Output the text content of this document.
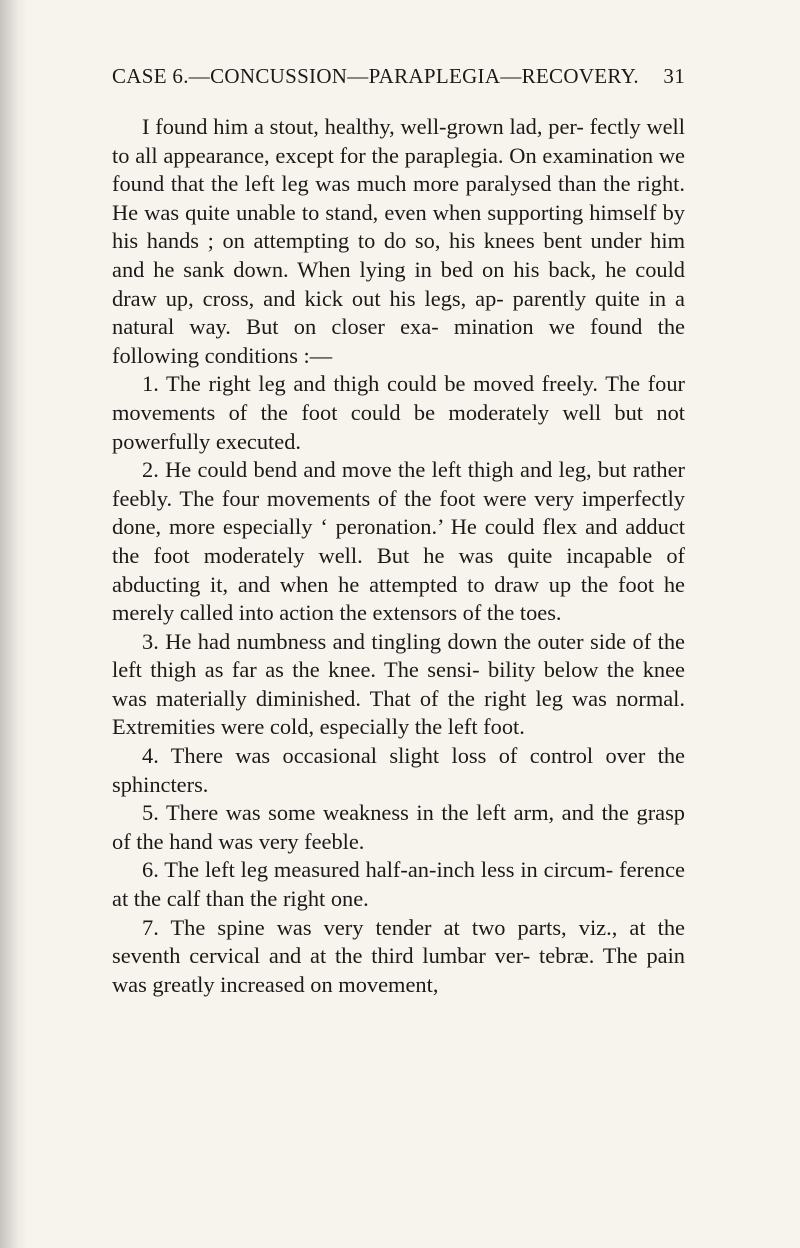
CASE 6.—CONCUSSION—PARAPLEGIA—RECOVERY. 31

I found him a stout, healthy, well-grown lad, per- fectly well to all appearance, except for the paraplegia. On examination we found that the left leg was much more paralysed than the right. He was quite unable to stand, even when supporting himself by his hands ; on attempting to do so, his knees bent under him and he sank down. When lying in bed on his back, he could draw up, cross, and kick out his legs, ap- parently quite in a natural way. But on closer exa- mination we found the following conditions :—

1. The right leg and thigh could be moved freely. The four movements of the foot could be moderately well but not powerfully executed.

2. He could bend and move the left thigh and leg, but rather feebly. The four movements of the foot were very imperfectly done, more especially ‘ peronation.’ He could flex and adduct the foot moderately well. But he was quite incapable of abducting it, and when he attempted to draw up the foot he merely called into action the extensors of the toes.

3. He had numbness and tingling down the outer side of the left thigh as far as the knee. The sensi- bility below the knee was materially diminished. That of the right leg was normal. Extremities were cold, especially the left foot.

4. There was occasional slight loss of control over the sphincters.

5. There was some weakness in the left arm, and the grasp of the hand was very feeble.

6. The left leg measured half-an-inch less in circum- ference at the calf than the right one.

7. The spine was very tender at two parts, viz., at the seventh cervical and at the third lumbar ver- tebræ. The pain was greatly increased on movement,
